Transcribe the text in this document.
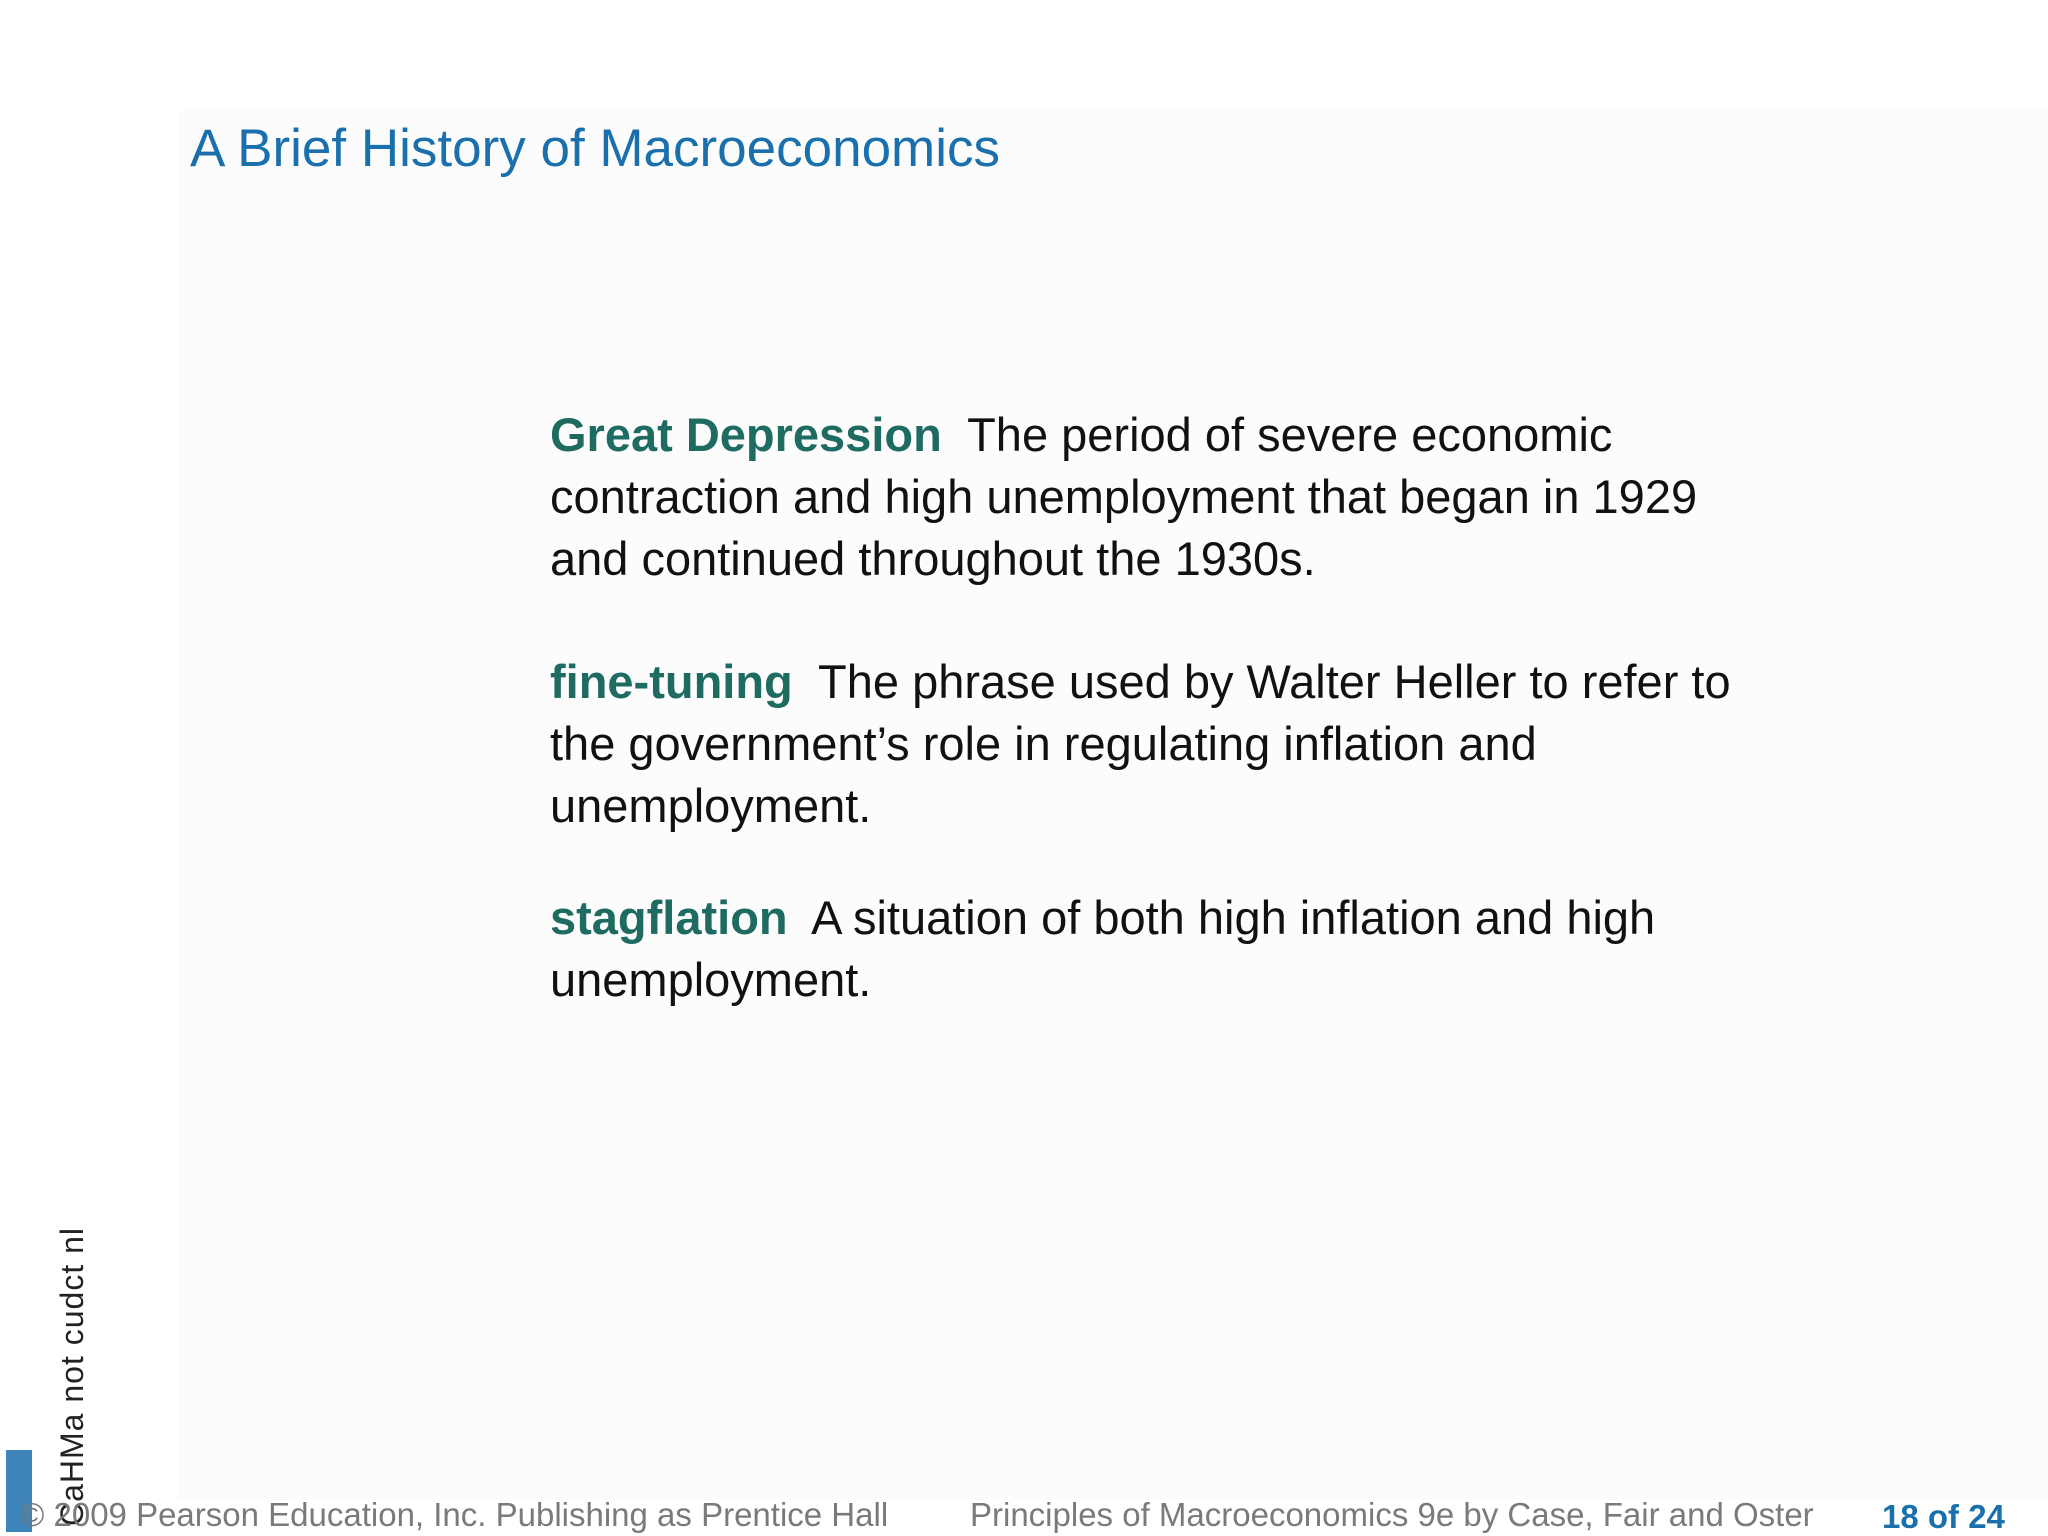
A Brief History of Macroeconomics

Great Depression The period of severe economic contraction and high unemployment that began in 1929 and continued throughout the 1930s.

fine-tuning The phrase used by Walter Heller to refer to the government’s role in regulating inflation and unemployment.

stagflation A situation of both high inflation and high unemployment.

CaHMa not cudct nl
© 2009 Pearson Education, Inc. Publishing as Prentice Hall Principles of Macroeconomics 9e by Case, Fair and Oster 18 of 24
